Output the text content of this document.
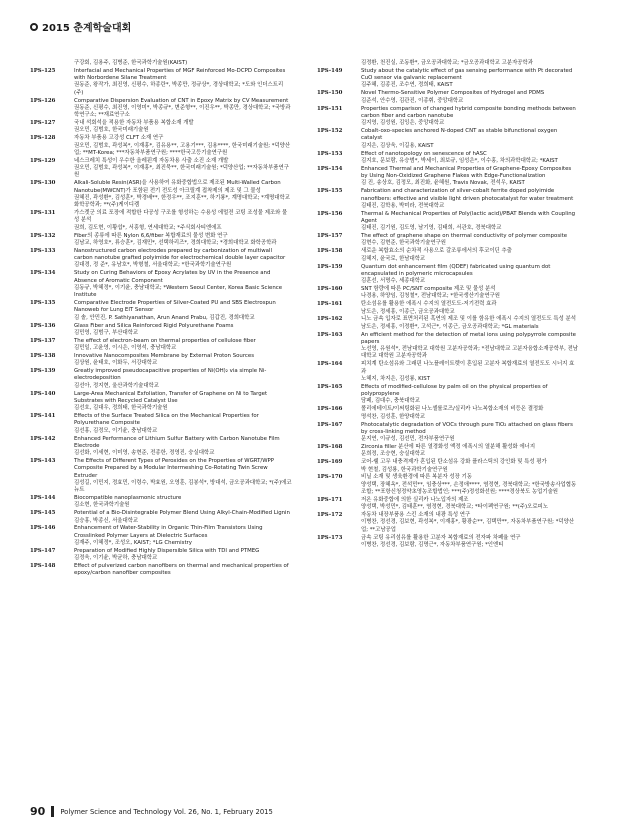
2015 춘계학술대회
구강회, 김용주, 김병준, 한국과학기술원(KAIST)
1PS-125	Interfacial and Mechanical Properties of MGF Reinforced Mo-DCPD Composites with Norbordene Silane Treatment
권동준, 왕작가, 최진영, 신평수, 하종란*, 박종만, 정규상*, 경상대학교; *도와 인더스트리(주)
1PS-126	Comparative Dispersion Evaluation of CNT in Epoxy Matrix by CV Measurement
권동준, 신평수, 최진영, 이영미*, 박종규*, 변준형**, 이진우**, 박종만, 경상대학교; *국방과학연구소; **재료연구소
1PS-127	국내 석회석을 적용한 자동차 부품용 복합소재 개발
권오민, 김범호, 한국미래기술원
1PS-128	자동차 부품용 고강성 CLFT 소재 연구
권오민, 김범호, 곽성복*, 이재홍*, 김유용**, 고용기***, 김용****, 한국미래기술원; *덕양산업; **MT-Korea; ***자동차부품연구원; ****한국고등기술연구원
1PS-129	네스크레치 특성이 우수한 올레핀계 자동차용 사출 소진 소재 개발
권오민, 김범호, 곽성복*, 이재홍*, 최진묵**, 한국미래기술원; *덕양산업; **자동차부품연구원
1PS-130	Alkali-Soluble Resin(ASR)을 사용하여 유화중합법으로 제조된 Multi-Walled Carbon Nanotube(MWCNT)가 포함된 전기 전도성 아크릴계 접착제의 제조 및 그 물성
권혜진, 곽성환*, 김성훈*, 박경배**, 한정우**, 조지훈**, 하기룡*, 계명대학교; *계명대학교 화학공학과; **(주)케이디켐
1PS-131	가스켓군 의료 포장에 적합한 다공성 구조를 형성하는 수용성 에멀젼 코팅 조성물 제조와 물성 분석
권희, 김도현, 이황섭*, 서흥형, 연세대학교; *주식회사티엔에프
1PS-132	Fiber의 종류에 따른 Nylon 6,6/fiber 복합재료의 물성 변화 연구
김남교, 하영호*, 류승훈*, 김재민*, 선택하리즈*, 경희대학교; *경희대학교 화학공학과
1PS-133	Nanostructured carbon electrodes prepared by carbonization of multiwall carbon nanotube grafted polyimide for electrochemical double layer capacitor
김대경, 정 준*, 유남호*, 박형철, 서울대학교; *한국과학기술연구원
1PS-134	Study on Curing Behaviors of Epoxy Acrylates by UV in the Presence and Absence of Aromatic Component
김동규, 박혜정*, 이기윤, 충남대학교; *Western Seoul Center, Korea Basic Science Institute
1PS-135	Comparative Electrode Properties of Silver-Coated PU and SBS Electrospun Nanoweb for Lung EIT Sensor
김 솔, 안민진, P. Sathiyanathan, Arun Anand Prabu, 김갑진, 경희대학교
1PS-136	Glass Fiber and Silica Reinforced Rigid Polyurethane Foams
김민영, 김범구, 부산대학교
1PS-137	The effect of electron-beam on thermal properties of cellulose fiber
김민일, 고윤영, 이시은, 이영석, 충남대학교
1PS-138	Innovative Nanocomposites Membrane by External Proton Sources
김상원, 윤태호, 이화두, 서강대학교
1PS-139	Greatly improved pseudocapacitive properties of Ni(OH)₂ via simple Ni-electrodeposition
김선아, 정지현, 울산과학기술대학교
1PS-140	Large-Area Mechanical Exfoliation, Transfer of Graphene on Ni to Target Substrates with Recycled Catalyst Use
김선호, 김대우, 정희태, 한국과학기술원
1PS-141	Effects of the Surface Treated Silica on the Mechanical Properties for Polyurethane Composite
김선홍, 김정모, 이기윤, 충남대학교
1PS-142	Enhanced Performance of Lithium Sulfur Battery with Carbon Nanotube Film Electrode
김선화, 이세현, 이미영, 송현준, 전종한, 정영진, 숭실대학교
1PS-143	The Effects of Different Types of Peroxides on the Properties of WGRT/WPP Composite Prepared by a Modular Intermeshing Co-Rotating Twin Screw Extruder
김성길, 이민지, 정효민, 이령수, 박효원, 오영훈, 김봉석*, 방대석, 금오공과대학교; *(주)에코뉴트
1PS-144	Biocompatible nanoplasmonic structure
김소현, 한국과학기술원
1PS-145	Potential of a Bio-Disintegrable Polymer Blend Using Alkyl-Chain-Modified Lignin
김승홍, 박종신, 서울대학교
1PS-146	Enhancement of Water-Stability in Organic Thin-Film Transistors Using Crosslinked Polymer Layers at Dielectric Surfaces
김재주, 이혜정*, 조성오, KAIST; *LG Chemistry
1PS-147	Preparation of Modified Highly Dispersible Silica with TDI and PTMEG
김정욱, 이기윤, 박균하, 충남대학교
1PS-148	Effect of pulverized carbon nanofibers on thermal and mechanical properties of epoxy/carbon nanofiber composites
김정환, 천진실, 조동환*, 금오공과대학교; *금오공과대학교 고분자공학과
1PS-149	Study about the catalytic effect of gas sensing performance with Pt decorated CuO sensor via galvanic replacement
김주혜, 김종진, 조수연, 정희태, KAIST
1PS-150	Novel Thermo-Sensitive Polymer Composites of Hydrogel and PDMS
김준석, 안수영, 김관진, 이종휘, 중앙대학교
1PS-151	Properties comparison of changed hybrid composite bonding methods between carbon fiber and carbon nanotube
김지영, 김성원, 김잉은, 중앙대학교
1PS-152	Cobalt-oxo-species anchored N-doped CNT as stable bifunctional oxygen catalyst
김지은, 김상욱, 이길용, KAIST
1PS-153	Effect of nanotopology on senescence of hASC
김지호, 문보람, 유승범*, 박세이, 최보규, 임성은*, 이수홍, 차의과학대학교; *KAIST
1PS-154	Enhanced Thermal and Mechanical Properties of Graphene-Epoxy Composites by Using Non-Oxidized Graphene Flakes with Edge-Functionalization
김 진, 송상호, 김정모, 최진화, 윤혜원, Travis Novak, 전석우, KAIST
1PS-155	Fabrication and characterization of silver-cobalt ferrite doped polyimide nanofibers: effective and visible light driven photocatalyst for water treatment
김태진, 김학용, 박미라, 전북대학교
1PS-156	Thermal & Mechanical Properties of Poly(lactic acid)/PBAT Blends with Coupling Agent
김태진, 김기원, 김도영, 남기영, 김태희, 서관호, 경북대학교
1PS-157	The effect of graphene shape on thermal conductivity of polymer composite
김현수, 김현준, 한국과학기술연구원
1PS-158	새로운 복합효소의 순차적 사용으로 갈조류에서의 후코이딘 추출
김혜지, 윤국로, 한남대학교
1PS-159	Quantum dot enhancement film (QDEF) fabricated using quantum dot encapsulated in polymeric microcapsules
김훈선, 서명수, 세종대학교
1PS-160	SNT 함량에 따른 PC/SNT composite 제조 및 물성 분석
나경용, 하양임, 김청철*, 전남대학교; *한국생산기술연구원
1PS-161	탄소섬유를 활용한 에폭시 수지의 열전도도-저기전력 효과
남도은, 정세흥, 이종근, 금오공과대학교
1PS-162	니노 금속 입자로 표면처리된 흑연의 제조 및 이를 함유한 에폭시 수지의 열전도도 특성 분석
남도은, 정세흥, 이정환*, 고석근*, 이종근, 금오공과대학교; *GL materials
1PS-163	An efficient method for the detection of metal ions using polypyrrole composite papers
노선영, 유원석*, 전남대학교 대학원 고분자공학과; *전남대학교 고분자융합소재공학부, 전남대학교 대학원 고분자공학과
1PS-164	피치계 탄소섬유와 그래핀 나노플레이트렛이 혼입된 고분자 복합재료의 열전도도 시너지 효과
노혜지, 차지은, 김성룡, KIST
1PS-165	Effects of modified-cellulose by palm oil on the physical properties of polypropylene
담페, 김대수, 충북대학교
1PS-166	폴리에테이트/이써팅화된 나노셀룰로즈/실리카 나노복합소재의 비등온 결정화
명석찬, 김성훈, 한양대학교
1PS-167	Photocatalytic degradation of VOCs through pure TiO₂ attached on glass fibers by cross-linking method
문지연, 이규성, 김선민, 전자부품연구원
1PS-168	Zirconia filler 분산에 따른 열경화성 액정 에폭시의 열분해 활성화 에너지
문희정, 조승현, 숭실대학교
1PS-169	코어-쉘 고무 내충격제가 혼입된 탄소섬유 강화 플라스틱의 강인화 및 특성 평가
박 현철, 김성룡, 한국과학기술연구원
1PS-170	비닐 소재 및 생육환경에 따른 복분자 성장 기동
양성택, 장혜옥*, 전석민**, 임충상***, 손정애****, 염정현, 경북대학교; *한국방송사업협동조합; **포항신청정약초영농조합법인; ***(주)정성화선원; ****경상북도 농업기술원
1PS-171	저온 유화중합에 의한 실리카 나노입자의 제조
양성택, 박성민*, 김태훈**, 염정현, 경북대학교; *타이펙연구원; **(주)오로피노
1PS-172	자동차 내장부품용 스킨 소재의 내광 특성 연구
이병찬, 정선경, 김보현, 곽성복*, 이재홍*, 황광순**, 김택만**, 자동차부품연구원; *덕양산업; **고남공업
1PS-173	금속 코팅 유리섬유를 활용한 고분자 복합재료의 전자파 차폐율 연구
이병찬, 정선경, 김보람, 김명근*, 자동차부품연구원; *인엔티
90 Polymer Science and Technology Vol. 26, No. 1, February 2015
